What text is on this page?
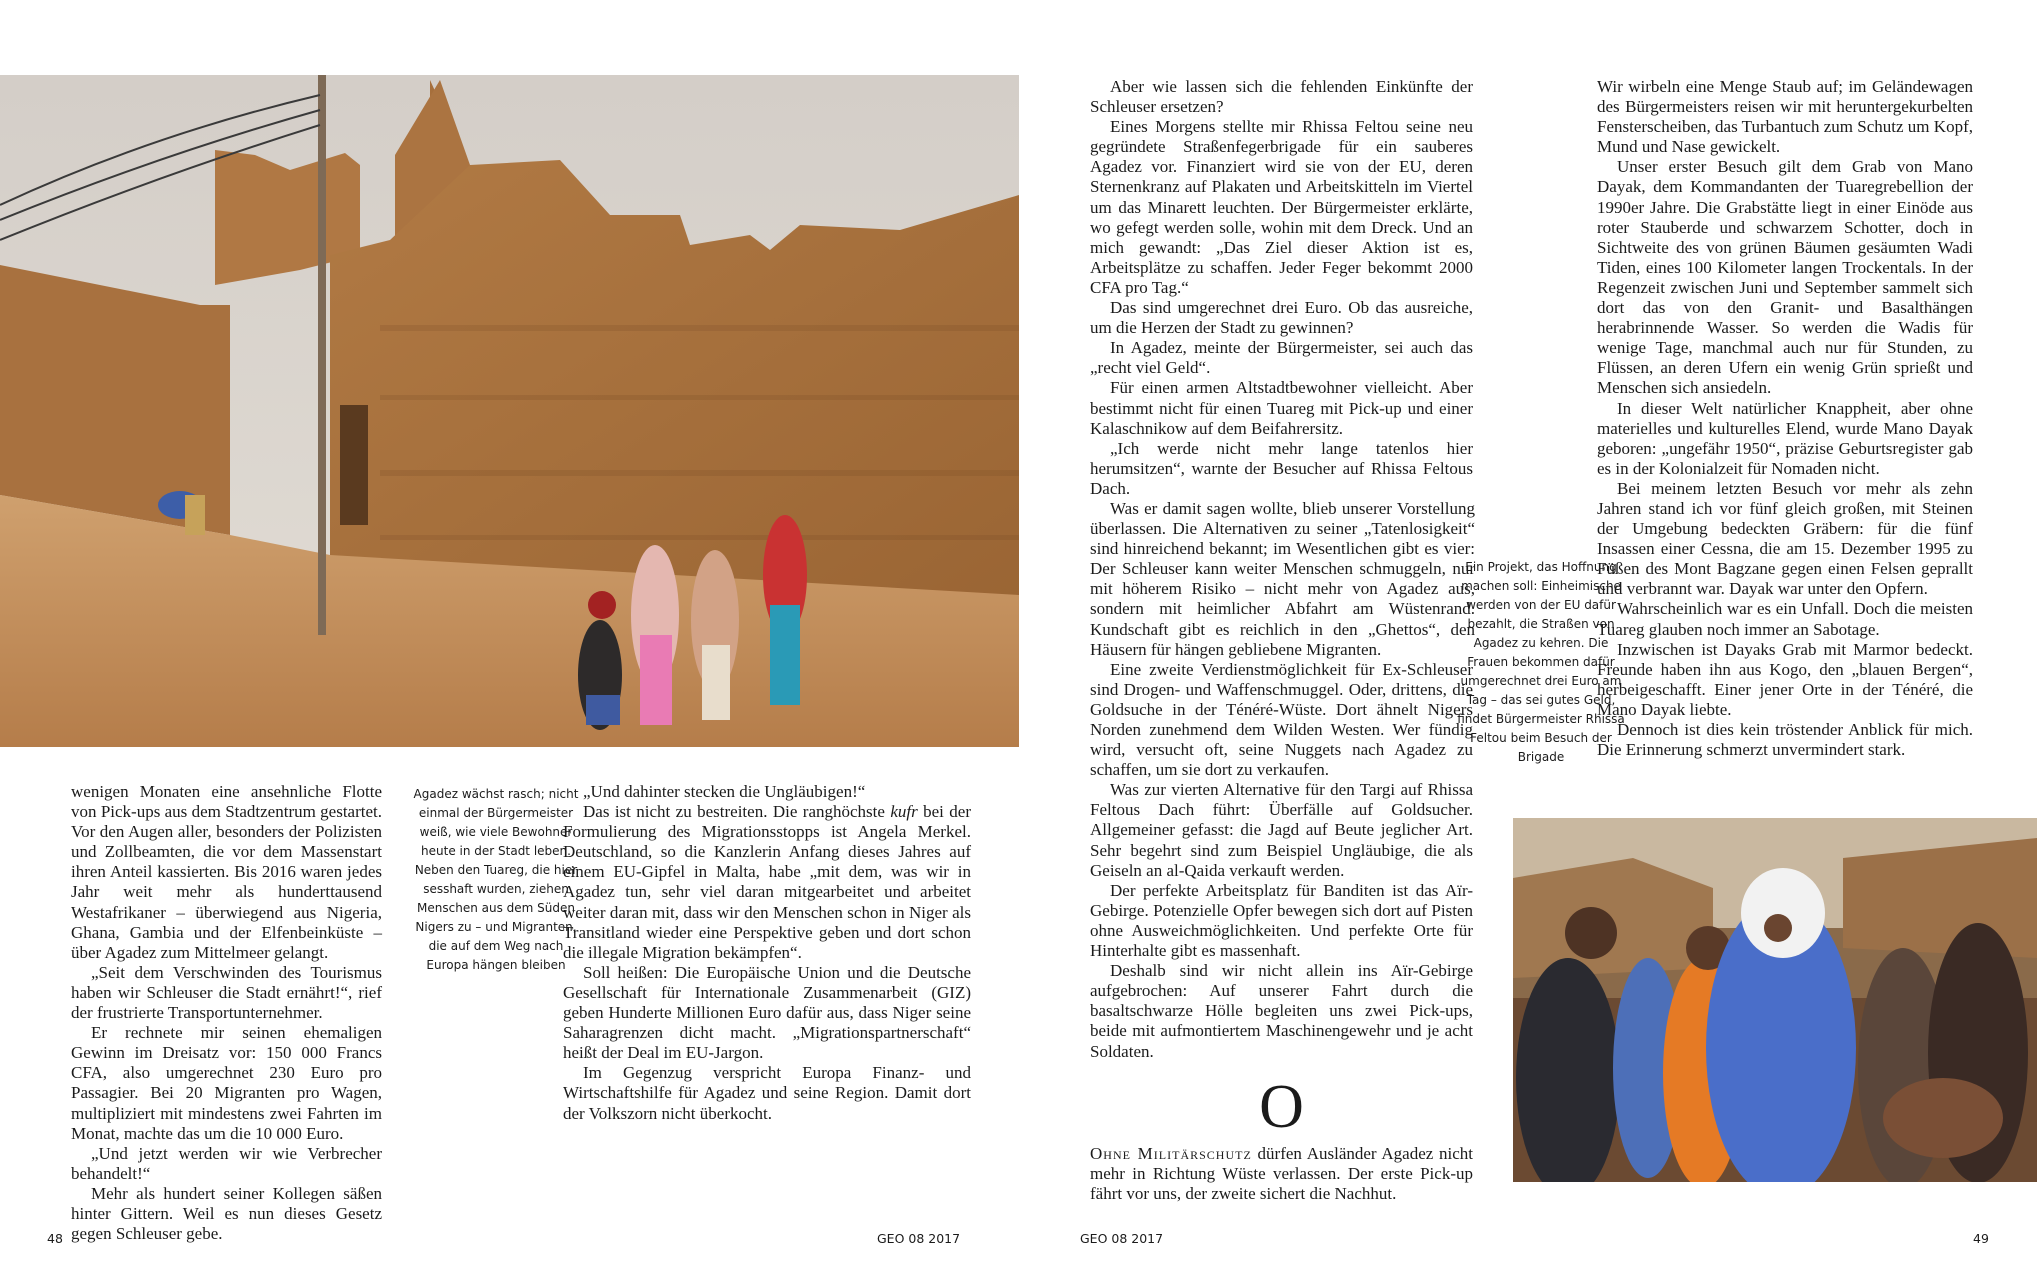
wenigen Monaten eine ansehnliche Flotte von Pick-ups aus dem Stadtzentrum gestartet. Vor den Augen aller, besonders der Polizisten und Zollbeamten, die vor dem Massenstart ihren Anteil kassierten. Bis 2016 waren jedes Jahr weit mehr als hunderttausend Westafrikaner – überwiegend aus Nigeria, Ghana, Gambia und der Elfenbeinküste – über Agadez zum Mittelmeer gelangt.

„Seit dem Verschwinden des Tourismus haben wir Schleuser die Stadt ernährt!“, rief der frustrierte Transportunternehmer.

Er rechnete mir seinen ehemaligen Gewinn im Dreisatz vor: 150 000 Francs CFA, also umgerechnet 230 Euro pro Passagier. Bei 20 Migranten pro Wagen, multipliziert mit mindestens zwei Fahrten im Monat, machte das um die 10 000 Euro.

„Und jetzt werden wir wie Verbrecher behandelt!“

Mehr als hundert seiner Kollegen säßen hinter Gittern. Weil es nun dieses Gesetz gegen Schleuser gebe.

Agadez wächst rasch; nicht einmal der Bürgermeister weiß, wie viele Bewohner heute in der Stadt leben. Neben den Tuareg, die hier sesshaft wurden, ziehen Menschen aus dem Süden Nigers zu – und Migranten, die auf dem Weg nach Europa hängen bleiben

„Und dahinter stecken die Ungläubigen!“

Das ist nicht zu bestreiten. Die ranghöchste kufr bei der Formulierung des Migrationsstopps ist Angela Merkel. Deutschland, so die Kanzlerin Anfang dieses Jahres auf einem EU-Gipfel in Malta, habe „mit dem, was wir in Agadez tun, sehr viel daran mitgearbeitet und arbeitet weiter daran mit, dass wir den Menschen schon in Niger als Transitland wieder eine Perspektive geben und dort schon die illegale Migration bekämpfen“.

Soll heißen: Die Europäische Union und die Deutsche Gesellschaft für Internationale Zusammenarbeit (GIZ) geben Hunderte Millionen Euro dafür aus, dass Niger seine Saharagrenzen dicht macht. „Migrationspartnerschaft“ heißt der Deal im EU-Jargon.

Im Gegenzug verspricht Europa Finanz- und Wirtschaftshilfe für Agadez und seine Region. Damit dort der Volkszorn nicht überkocht.

48	GEO 08 2017

Aber wie lassen sich die fehlenden Einkünfte der Schleuser ersetzen?

Eines Morgens stellte mir Rhissa Feltou seine neu gegründete Straßenfegerbrigade für ein sauberes Agadez vor. Finanziert wird sie von der EU, deren Sternenkranz auf Plakaten und Arbeitskitteln im Viertel um das Minarett leuchten. Der Bürgermeister erklärte, wo gefegt werden solle, wohin mit dem Dreck. Und an mich gewandt: „Das Ziel dieser Aktion ist es, Arbeitsplätze zu schaffen. Jeder Feger bekommt 2000 CFA pro Tag.“

Das sind umgerechnet drei Euro. Ob das ausreiche, um die Herzen der Stadt zu gewinnen?

In Agadez, meinte der Bürgermeister, sei auch das „recht viel Geld“.

Für einen armen Altstadtbewohner vielleicht. Aber bestimmt nicht für einen Tuareg mit Pick-up und einer Kalaschnikow auf dem Beifahrersitz.

„Ich werde nicht mehr lange tatenlos hier herumsitzen“, warnte der Besucher auf Rhissa Feltous Dach.

Was er damit sagen wollte, blieb unserer Vorstellung überlassen. Die Alternativen zu seiner „Tatenlosigkeit“ sind hinreichend bekannt; im Wesentlichen gibt es vier: Der Schleuser kann weiter Menschen schmuggeln, nur mit höherem Risiko – nicht mehr von Agadez aus, sondern mit heimlicher Abfahrt am Wüstenrand. Kundschaft gibt es reichlich in den „Ghettos“, den Häusern für hängen gebliebene Migranten.

Eine zweite Verdienstmöglichkeit für Ex-Schleuser sind Drogen- und Waffenschmuggel. Oder, drittens, die Goldsuche in der Ténéré-Wüste. Dort ähnelt Nigers Norden zunehmend dem Wilden Westen. Wer fündig wird, versucht oft, seine Nuggets nach Agadez zu schaffen, um sie dort zu verkaufen.

Was zur vierten Alternative für den Targi auf Rhissa Feltous Dach führt: Überfälle auf Goldsucher. Allgemeiner gefasst: die Jagd auf Beute jeglicher Art. Sehr begehrt sind zum Beispiel Ungläubige, die als Geiseln an al-Qaida verkauft werden.

Der perfekte Arbeitsplatz für Banditen ist das Aïr-Gebirge. Potenzielle Opfer bewegen sich dort auf Pisten ohne Ausweichmöglichkeiten. Und perfekte Orte für Hinterhalte gibt es massenhaft.

Deshalb sind wir nicht allein ins Aïr-Gebirge aufgebrochen: Auf unserer Fahrt durch die basaltschwarze Hölle begleiten uns zwei Pick-ups, beide mit aufmontiertem Maschinengewehr und je acht Soldaten.

O

Ohne Militärschutz dürfen Ausländer Agadez nicht mehr in Richtung Wüste verlassen. Der erste Pick-up fährt vor uns, der zweite sichert die Nachhut.

Ein Projekt, das Hoffnung machen soll: Einheimische werden von der EU dafür bezahlt, die Straßen von Agadez zu kehren. Die Frauen bekommen dafür umgerechnet drei Euro am Tag – das sei gutes Geld, findet Bürgermeister Rhissa Feltou beim Besuch der Brigade

Wir wirbeln eine Menge Staub auf; im Geländewagen des Bürgermeisters reisen wir mit heruntergekurbelten Fensterscheiben, das Turbantuch zum Schutz um Kopf, Mund und Nase gewickelt.

Unser erster Besuch gilt dem Grab von Mano Dayak, dem Kommandanten der Tuaregrebellion der 1990er Jahre. Die Grabstätte liegt in einer Einöde aus roter Stauberde und schwarzem Schotter, doch in Sichtweite des von grünen Bäumen gesäumten Wadi Tiden, eines 100 Kilometer langen Trockentals. In der Regenzeit zwischen Juni und September sammelt sich dort das von den Granit- und Basalthängen herabrinnende Wasser. So werden die Wadis für wenige Tage, manchmal auch nur für Stunden, zu Flüssen, an deren Ufern ein wenig Grün sprießt und Menschen sich ansiedeln.

In dieser Welt natürlicher Knappheit, aber ohne materielles und kulturelles Elend, wurde Mano Dayak geboren: „ungefähr 1950“, präzise Geburtsregister gab es in der Kolonialzeit für Nomaden nicht.

Bei meinem letzten Besuch vor mehr als zehn Jahren stand ich vor fünf gleich großen, mit Steinen der Umgebung bedeckten Gräbern: für die fünf Insassen einer Cessna, die am 15. Dezember 1995 zu Füßen des Mont Bagzane gegen einen Felsen geprallt und verbrannt war. Dayak war unter den Opfern.

Wahrscheinlich war es ein Unfall. Doch die meisten Tuareg glauben noch immer an Sabotage.

Inzwischen ist Dayaks Grab mit Marmor bedeckt. Freunde haben ihn aus Kogo, den „blauen Bergen“, herbeigeschafft. Einer jener Orte in der Ténéré, die Mano Dayak liebte.

Dennoch ist dies kein tröstender Anblick für mich. Die Erinnerung schmerzt unvermindert stark.

GEO 08 2017	49
